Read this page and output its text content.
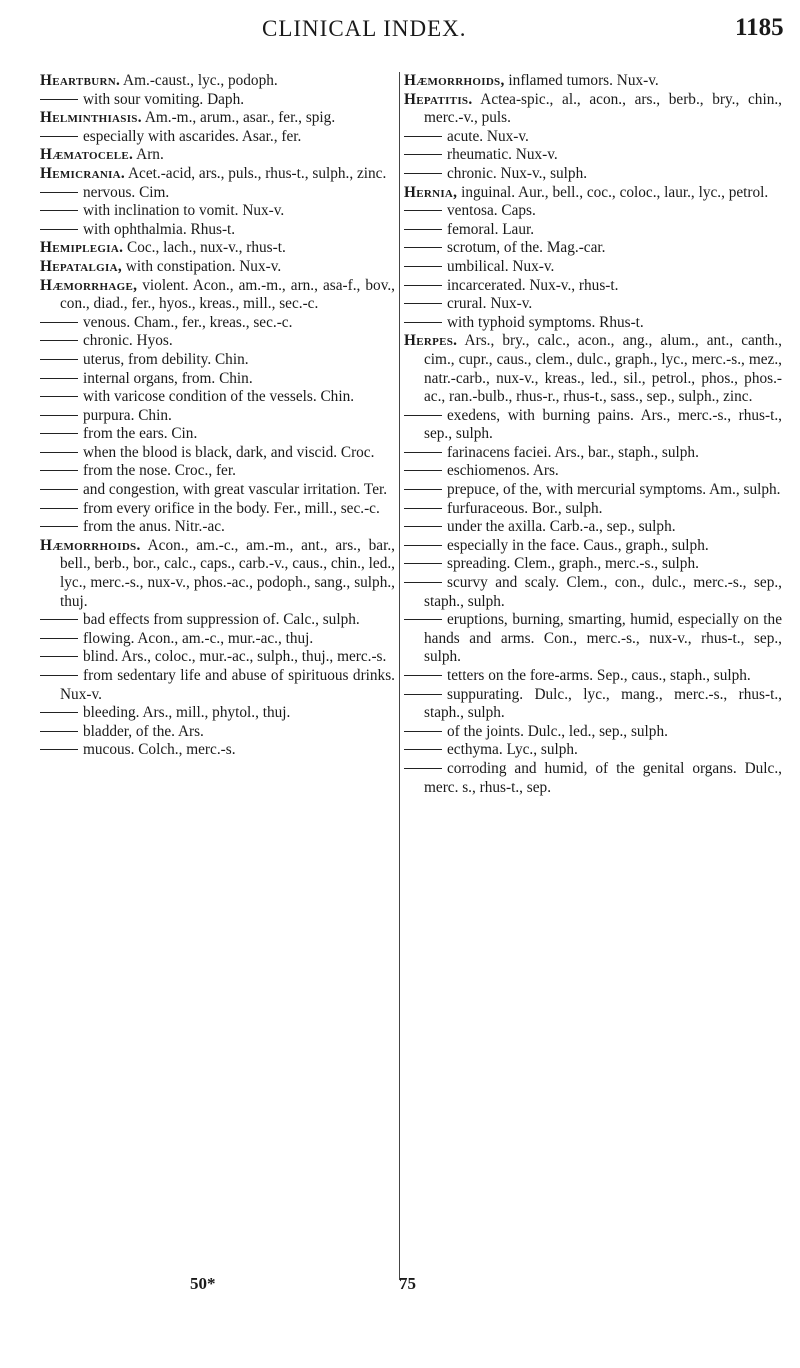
CLINICAL INDEX.	1185
Heartburn. Am.-caust., lyc., podoph.
with sour vomiting. Daph.
Helminthiasis. Am.-m., arum., asar., fer., spig.
especially with ascarides. Asar., fer.
Hæmatocele. Arn.
Hemicrania. Acet.-acid, ars., puls., rhus-t., sulph., zinc.
nervous. Cim.
with inclination to vomit. Nux-v.
with ophthalmia. Rhus-t.
Hemiplegia. Coc., lach., nux-v., rhus-t.
Hepatalgia, with constipation. Nux-v.
Hæmorrhage, violent. Acon., am.-m., arn., asa-f., bov., con., diad., fer., hyos., kreas., mill., sec.-c.
venous. Cham., fer., kreas., sec.-c.
chronic. Hyos.
uterus, from debility. Chin.
internal organs, from. Chin.
with varicose condition of the vessels. Chin.
purpura. Chin.
from the ears. Cin.
when the blood is black, dark, and viscid. Croc.
from the nose. Croc., fer.
and congestion, with great vascular irritation. Ter.
from every orifice in the body. Fer., mill., sec.-c.
from the anus. Nitr.-ac.
Hæmorrhoids. Acon., am.-c., am.-m., ant., ars., bar., bell., berb., bor., calc., caps., carb.-v., caus., chin., led., lyc., merc.-s., nux-v., phos.-ac., podoph., sang., sulph., thuj.
bad effects from suppression of. Calc., sulph.
flowing. Acon., am.-c., mur.-ac., thuj.
blind. Ars., coloc., mur.-ac., sulph., thuj., merc.-s.
from sedentary life and abuse of spirituous drinks. Nux-v.
bleeding. Ars., mill., phytol., thuj.
bladder, of the. Ars.
mucous. Colch., merc.-s.
Hæmorrhoids, inflamed tumors. Nux-v.
Hepatitis. Actea-spic., al., acon., ars., berb., bry., chin., merc.-v., puls.
acute. Nux-v.
rheumatic. Nux-v.
chronic. Nux-v., sulph.
Hernia, inguinal. Aur., bell., coc., coloc., laur., lyc., petrol.
ventosa. Caps.
femoral. Laur.
scrotum, of the. Mag.-car.
umbilical. Nux-v.
incarcerated. Nux-v., rhus-t.
crural. Nux-v.
with typhoid symptoms. Rhus-t.
Herpes. Ars., bry., calc., acon., ang., alum., ant., canth., cim., cupr., caus., clem., dulc., graph., lyc., merc.-s., mez., natr.-carb., nux-v., kreas., led., sil., petrol., phos., phos.-ac., ran.-bulb., rhus-r., rhus-t., sass., sep., sulph., zinc.
exedens, with burning pains. Ars., merc.-s., rhus-t., sep., sulph.
farinacens faciei. Ars., bar., staph., sulph.
eschiomenos. Ars.
prepuce, of the, with mercurial symptoms. Am., sulph.
furfuraceous. Bor., sulph.
under the axilla. Carb.-a., sep., sulph.
especially in the face. Caus., graph., sulph.
spreading. Clem., graph., merc.-s., sulph.
scurvy and scaly. Clem., con., dulc., merc.-s., sep., staph., sulph.
eruptions, burning, smarting, humid, especially on the hands and arms. Con., merc.-s., nux-v., rhus-t., sep., sulph.
tetters on the fore-arms. Sep., caus., staph., sulph.
suppurating. Dulc., lyc., mang., merc.-s., rhus-t., staph., sulph.
of the joints. Dulc., led., sep., sulph.
ecthyma. Lyc., sulph.
corroding and humid, of the genital organs. Dulc., merc. s., rhus-t., sep.
50*	75
